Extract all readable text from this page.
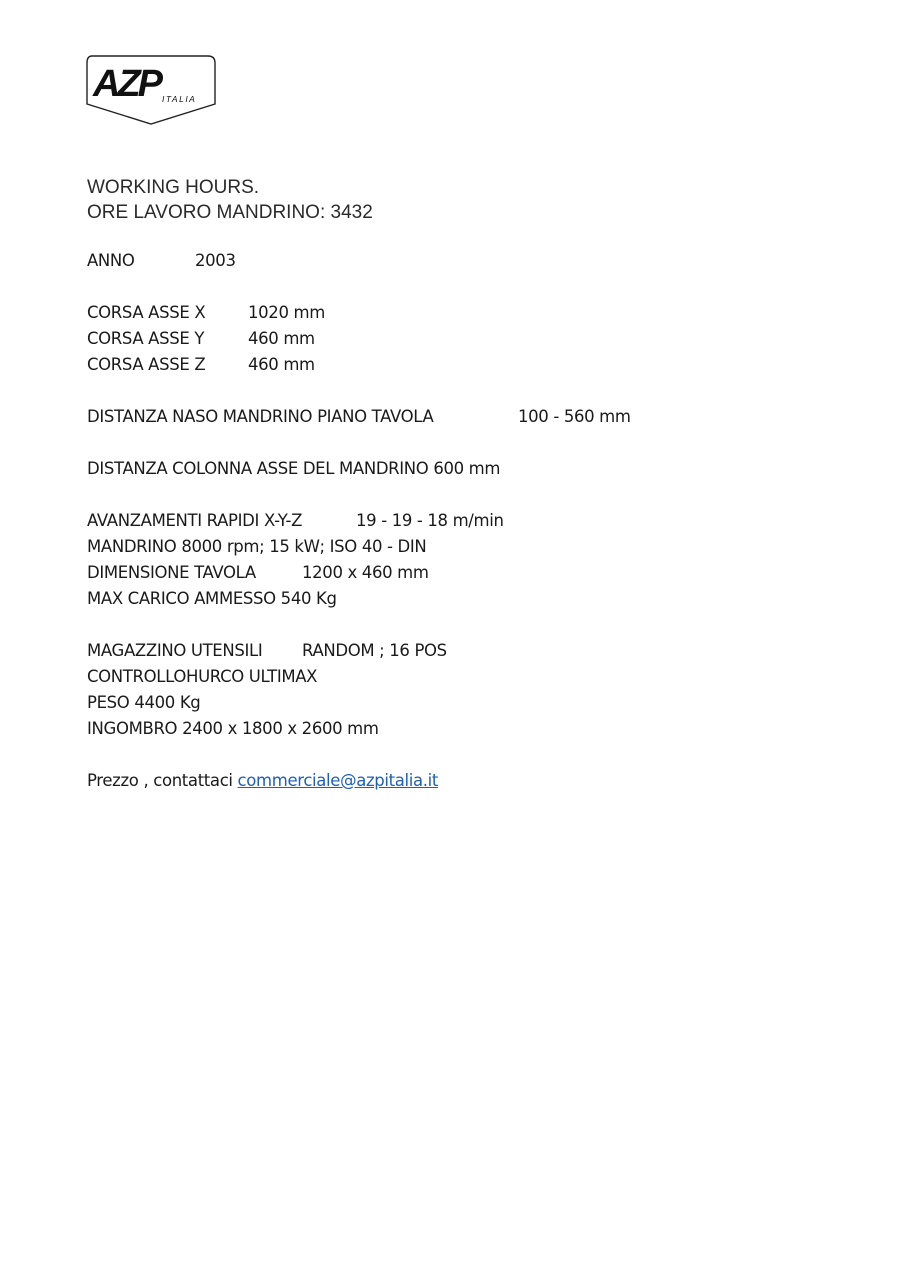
AZP ITALIA
WORKING HOURS.
ORE LAVORO MANDRINO: 3432
ANNO	2003
CORSA ASSE X	1020 mm
CORSA ASSE Y	460 mm
CORSA ASSE Z	460 mm
DISTANZA NASO MANDRINO PIANO TAVOLA	100 - 560 mm
DISTANZA COLONNA ASSE DEL MANDRINO 600 mm
AVANZAMENTI RAPIDI X-Y-Z	19 - 19 - 18 m/min
MANDRINO 8000 rpm; 15 kW; ISO 40 - DIN
DIMENSIONE TAVOLA	1200 x 460 mm
MAX CARICO AMMESSO 540 Kg
MAGAZZINO UTENSILI RANDOM ; 16 POS
CONTROLLOHURCO ULTIMAX
PESO 4400 Kg
INGOMBRO 2400 x 1800 x 2600 mm
Prezzo , contattaci commerciale@azpitalia.it
